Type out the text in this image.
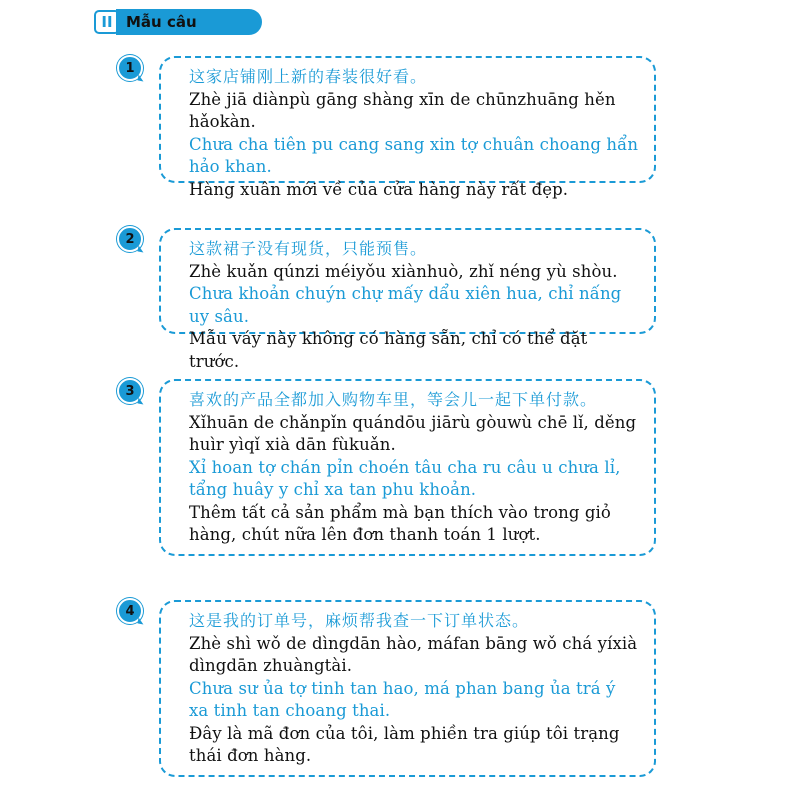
II Mẫu câu
1	这家店铺刚上新的春装很好看。
Zhè jiā diànpù gāng shàng xīn de chūnzhuāng hěn hǎokàn.
Chưa cha tiên pu cang sang xin tợ chuân choang hẩn hảo khan.
Hàng xuân mới về của cửa hàng này rất đẹp.
2	这款裙子没有现货，只能预售。
Zhè kuǎn qúnzi méiyǒu xiànhuò, zhǐ néng yù shòu.
Chưa khoản chuýn chự mấy dẩu xiên hua, chỉ nấng uy sâu.
Mẫu váy này không có hàng sẵn, chỉ có thể đặt trước.
3	喜欢的产品全都加入购物车里，等会儿一起下单付款。
Xǐhuān de chǎnpǐn quándōu jiārù gòuwù chē lǐ, děng huìr yìqǐ xià dān fùkuǎn.
Xỉ hoan tợ chán pỉn choén tâu cha ru câu u chưa lỉ, tẩng huây y chỉ xa tan phu khoản.
Thêm tất cả sản phẩm mà bạn thích vào trong giỏ hàng, chút nữa lên đơn thanh toán 1 lượt.
4	这是我的订单号，麻烦帮我查一下订单状态。
Zhè shì wǒ de dìngdān hào, máfan bāng wǒ chá yíxià dìngdān zhuàngtài.
Chưa sư ủa tợ tinh tan hao, má phan bang ủa trá ý xa tinh tan choang thai.
Đây là mã đơn của tôi, làm phiền tra giúp tôi trạng thái đơn hàng.
